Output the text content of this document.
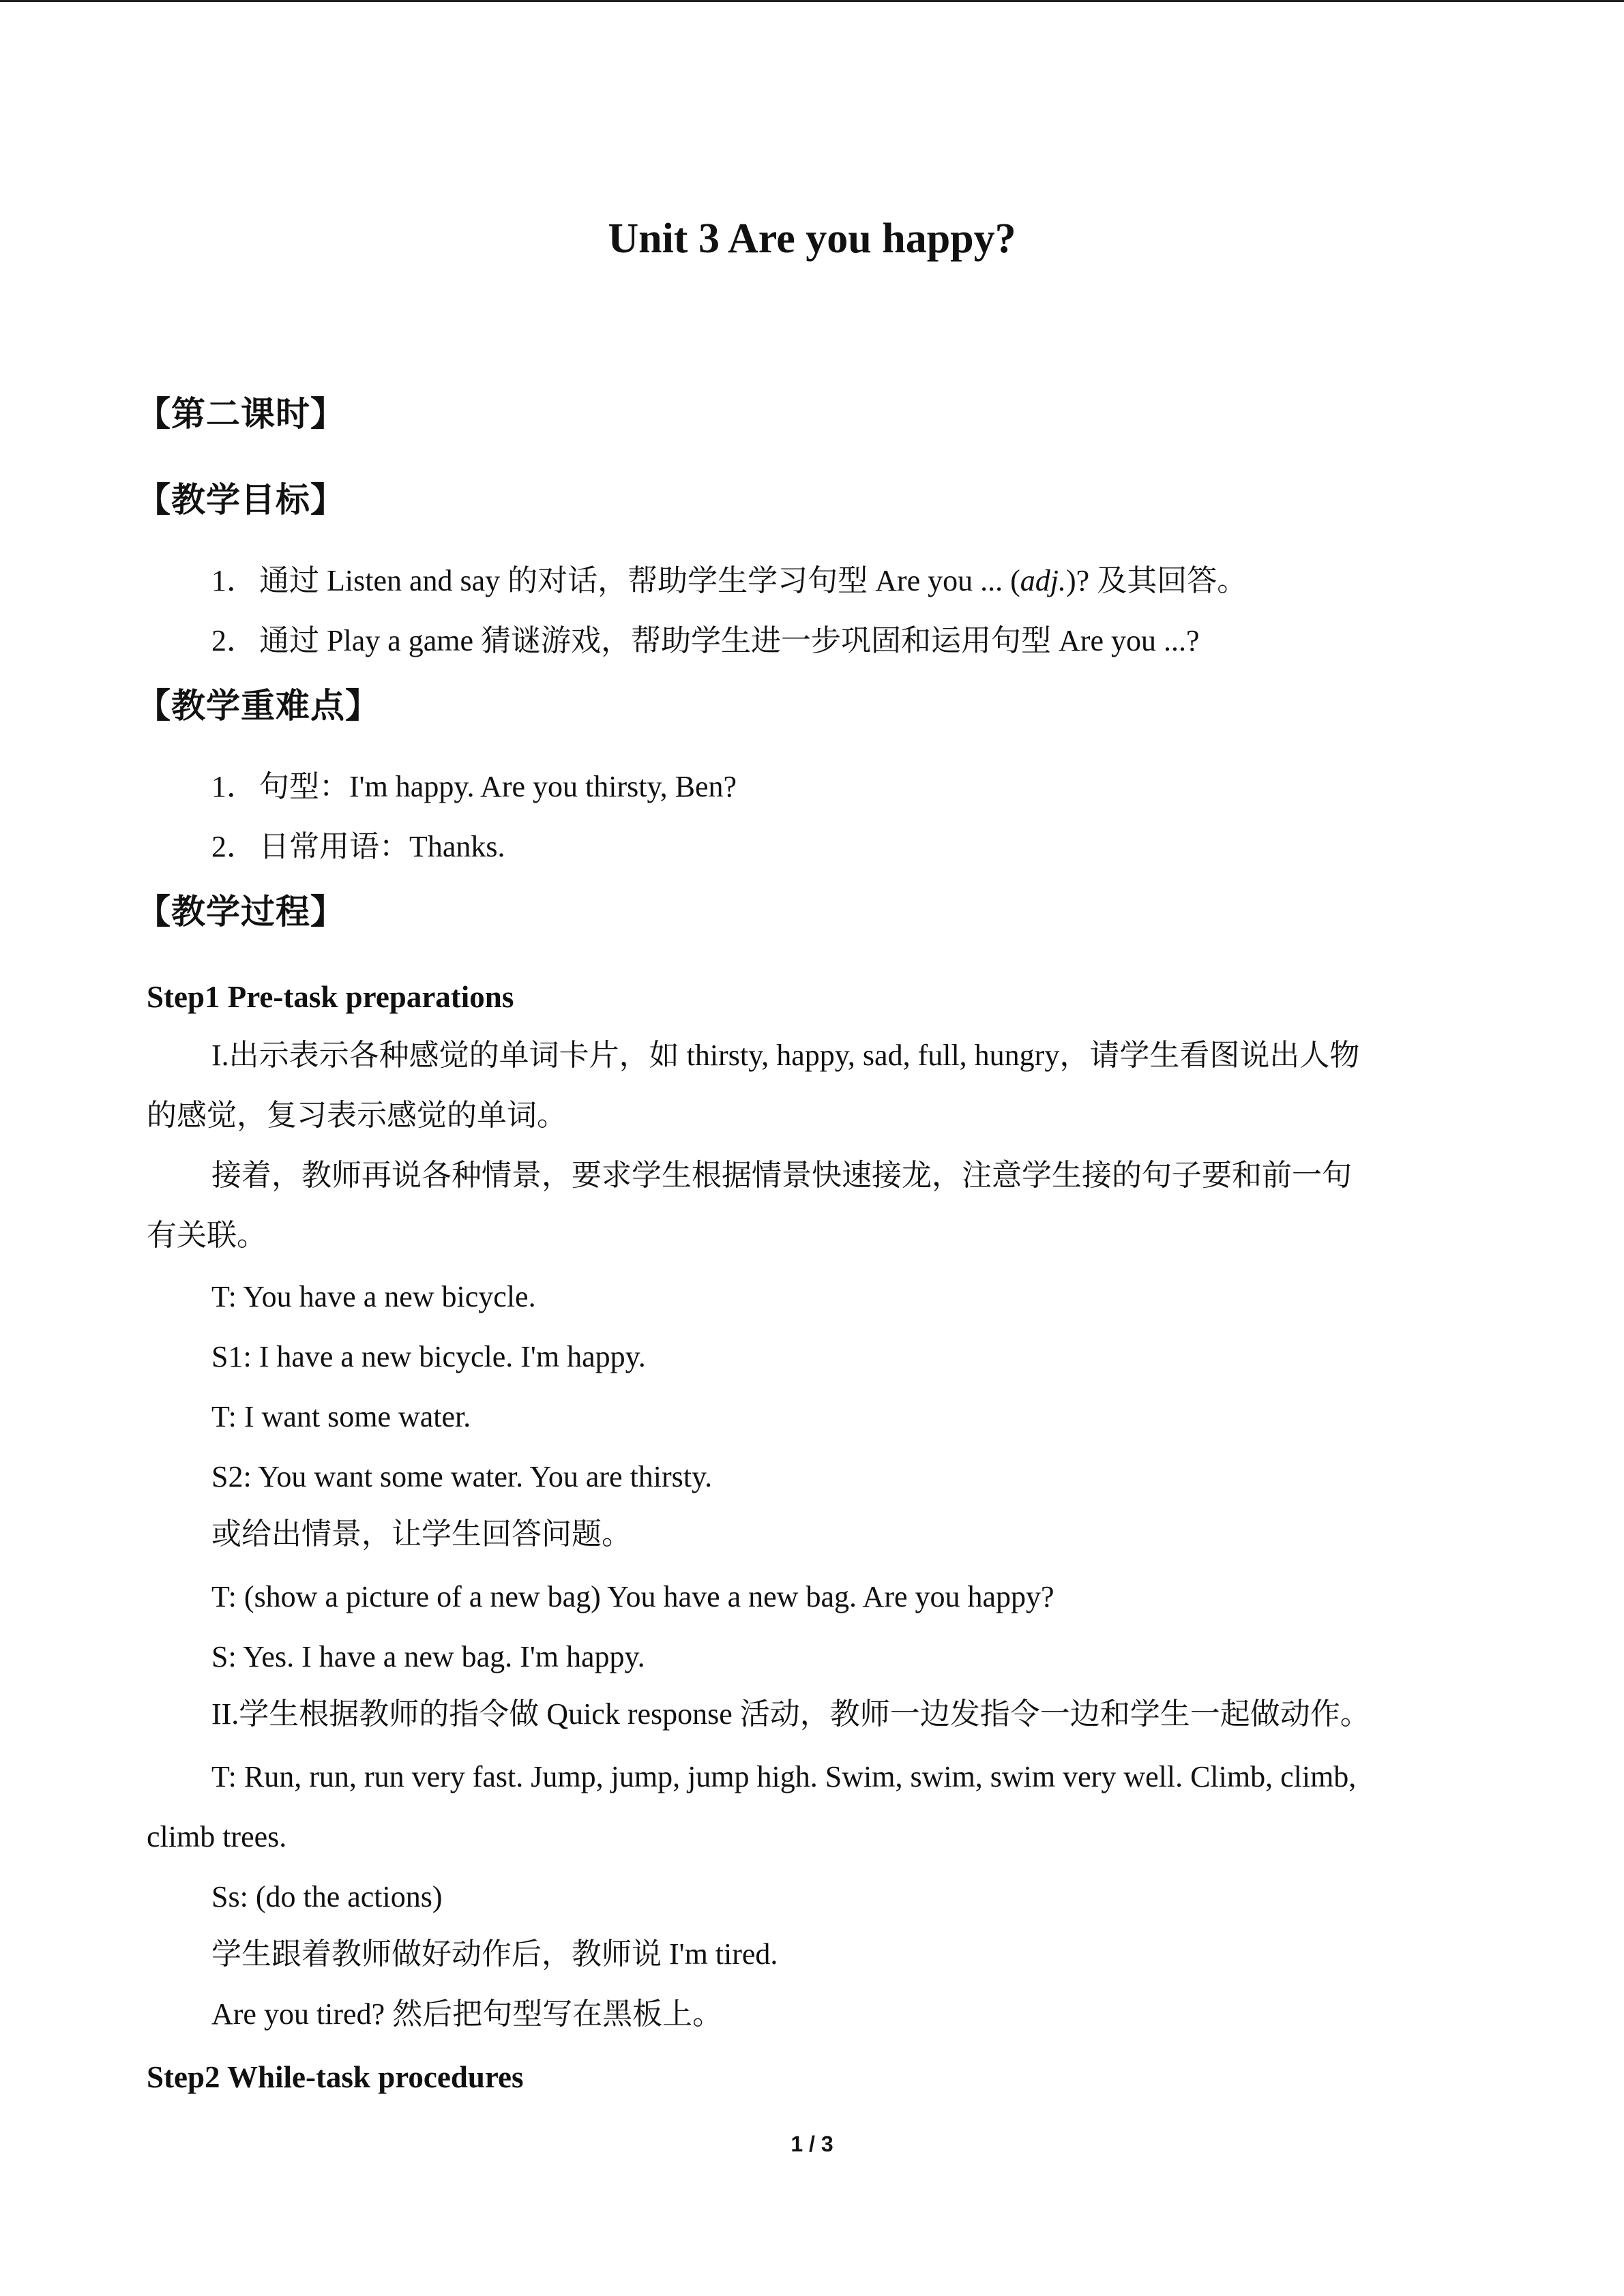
Unit 3 Are you happy?
【第二课时】
【教学目标】
1．通过 Listen and say 的对话，帮助学生学习句型 Are you ... (adj.)? 及其回答。
2．通过 Play a game 猜谜游戏，帮助学生进一步巩固和运用句型 Are you ...?
【教学重难点】
1．句型：I'm happy. Are you thirsty, Ben?
2．日常用语：Thanks.
【教学过程】
Step1 Pre-task preparations
I.出示表示各种感觉的单词卡片，如 thirsty, happy, sad, full, hungry，请学生看图说出人物
的感觉，复习表示感觉的单词。
接着，教师再说各种情景，要求学生根据情景快速接龙，注意学生接的句子要和前一句
有关联。
T: You have a new bicycle.
S1: I have a new bicycle. I'm happy.
T: I want some water.
S2: You want some water. You are thirsty.
或给出情景，让学生回答问题。
T: (show a picture of a new bag) You have a new bag. Are you happy?
S: Yes. I have a new bag. I'm happy.
II.学生根据教师的指令做 Quick response 活动，教师一边发指令一边和学生一起做动作。
T: Run, run, run very fast. Jump, jump, jump high. Swim, swim, swim very well. Climb, climb,
climb trees.
Ss: (do the actions)
学生跟着教师做好动作后，教师说 I'm tired.
Are you tired? 然后把句型写在黑板上。
Step2 While-task procedures
1 / 3
